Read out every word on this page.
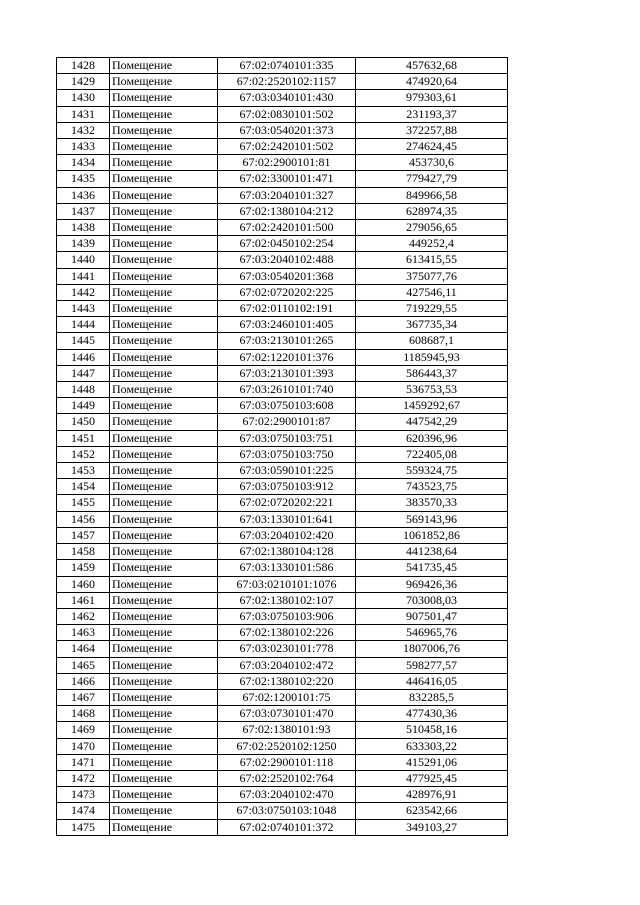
1428	Помещение	67:02:0740101:335	457632,68
1429	Помещение	67:02:2520102:1157	474920,64
1430	Помещение	67:03:0340101:430	979303,61
1431	Помещение	67:02:0830101:502	231193,37
1432	Помещение	67:03:0540201:373	372257,88
1433	Помещение	67:02:2420101:502	274624,45
1434	Помещение	67:02:2900101:81	453730,6
1435	Помещение	67:02:3300101:471	779427,79
1436	Помещение	67:03:2040101:327	849966,58
1437	Помещение	67:02:1380104:212	628974,35
1438	Помещение	67:02:2420101:500	279056,65
1439	Помещение	67:02:0450102:254	449252,4
1440	Помещение	67:03:2040102:488	613415,55
1441	Помещение	67:03:0540201:368	375077,76
1442	Помещение	67:02:0720202:225	427546,11
1443	Помещение	67:02:0110102:191	719229,55
1444	Помещение	67:03:2460101:405	367735,34
1445	Помещение	67:03:2130101:265	608687,1
1446	Помещение	67:02:1220101:376	1185945,93
1447	Помещение	67:03:2130101:393	586443,37
1448	Помещение	67:03:2610101:740	536753,53
1449	Помещение	67:03:0750103:608	1459292,67
1450	Помещение	67:02:2900101:87	447542,29
1451	Помещение	67:03:0750103:751	620396,96
1452	Помещение	67:03:0750103:750	722405,08
1453	Помещение	67:03:0590101:225	559324,75
1454	Помещение	67:03:0750103:912	743523,75
1455	Помещение	67:02:0720202:221	383570,33
1456	Помещение	67:03:1330101:641	569143,96
1457	Помещение	67:03:2040102:420	1061852,86
1458	Помещение	67:02:1380104:128	441238,64
1459	Помещение	67:03:1330101:586	541735,45
1460	Помещение	67:03:0210101:1076	969426,36
1461	Помещение	67:02:1380102:107	703008,03
1462	Помещение	67:03:0750103:906	907501,47
1463	Помещение	67:02:1380102:226	546965,76
1464	Помещение	67:03:0230101:778	1807006,76
1465	Помещение	67:03:2040102:472	598277,57
1466	Помещение	67:02:1380102:220	446416,05
1467	Помещение	67:02:1200101:75	832285,5
1468	Помещение	67:03:0730101:470	477430,36
1469	Помещение	67:02:1380101:93	510458,16
1470	Помещение	67:02:2520102:1250	633303,22
1471	Помещение	67:02:2900101:118	415291,06
1472	Помещение	67:02:2520102:764	477925,45
1473	Помещение	67:03:2040102:470	428976,91
1474	Помещение	67:03:0750103:1048	623542,66
1475	Помещение	67:02:0740101:372	349103,27
